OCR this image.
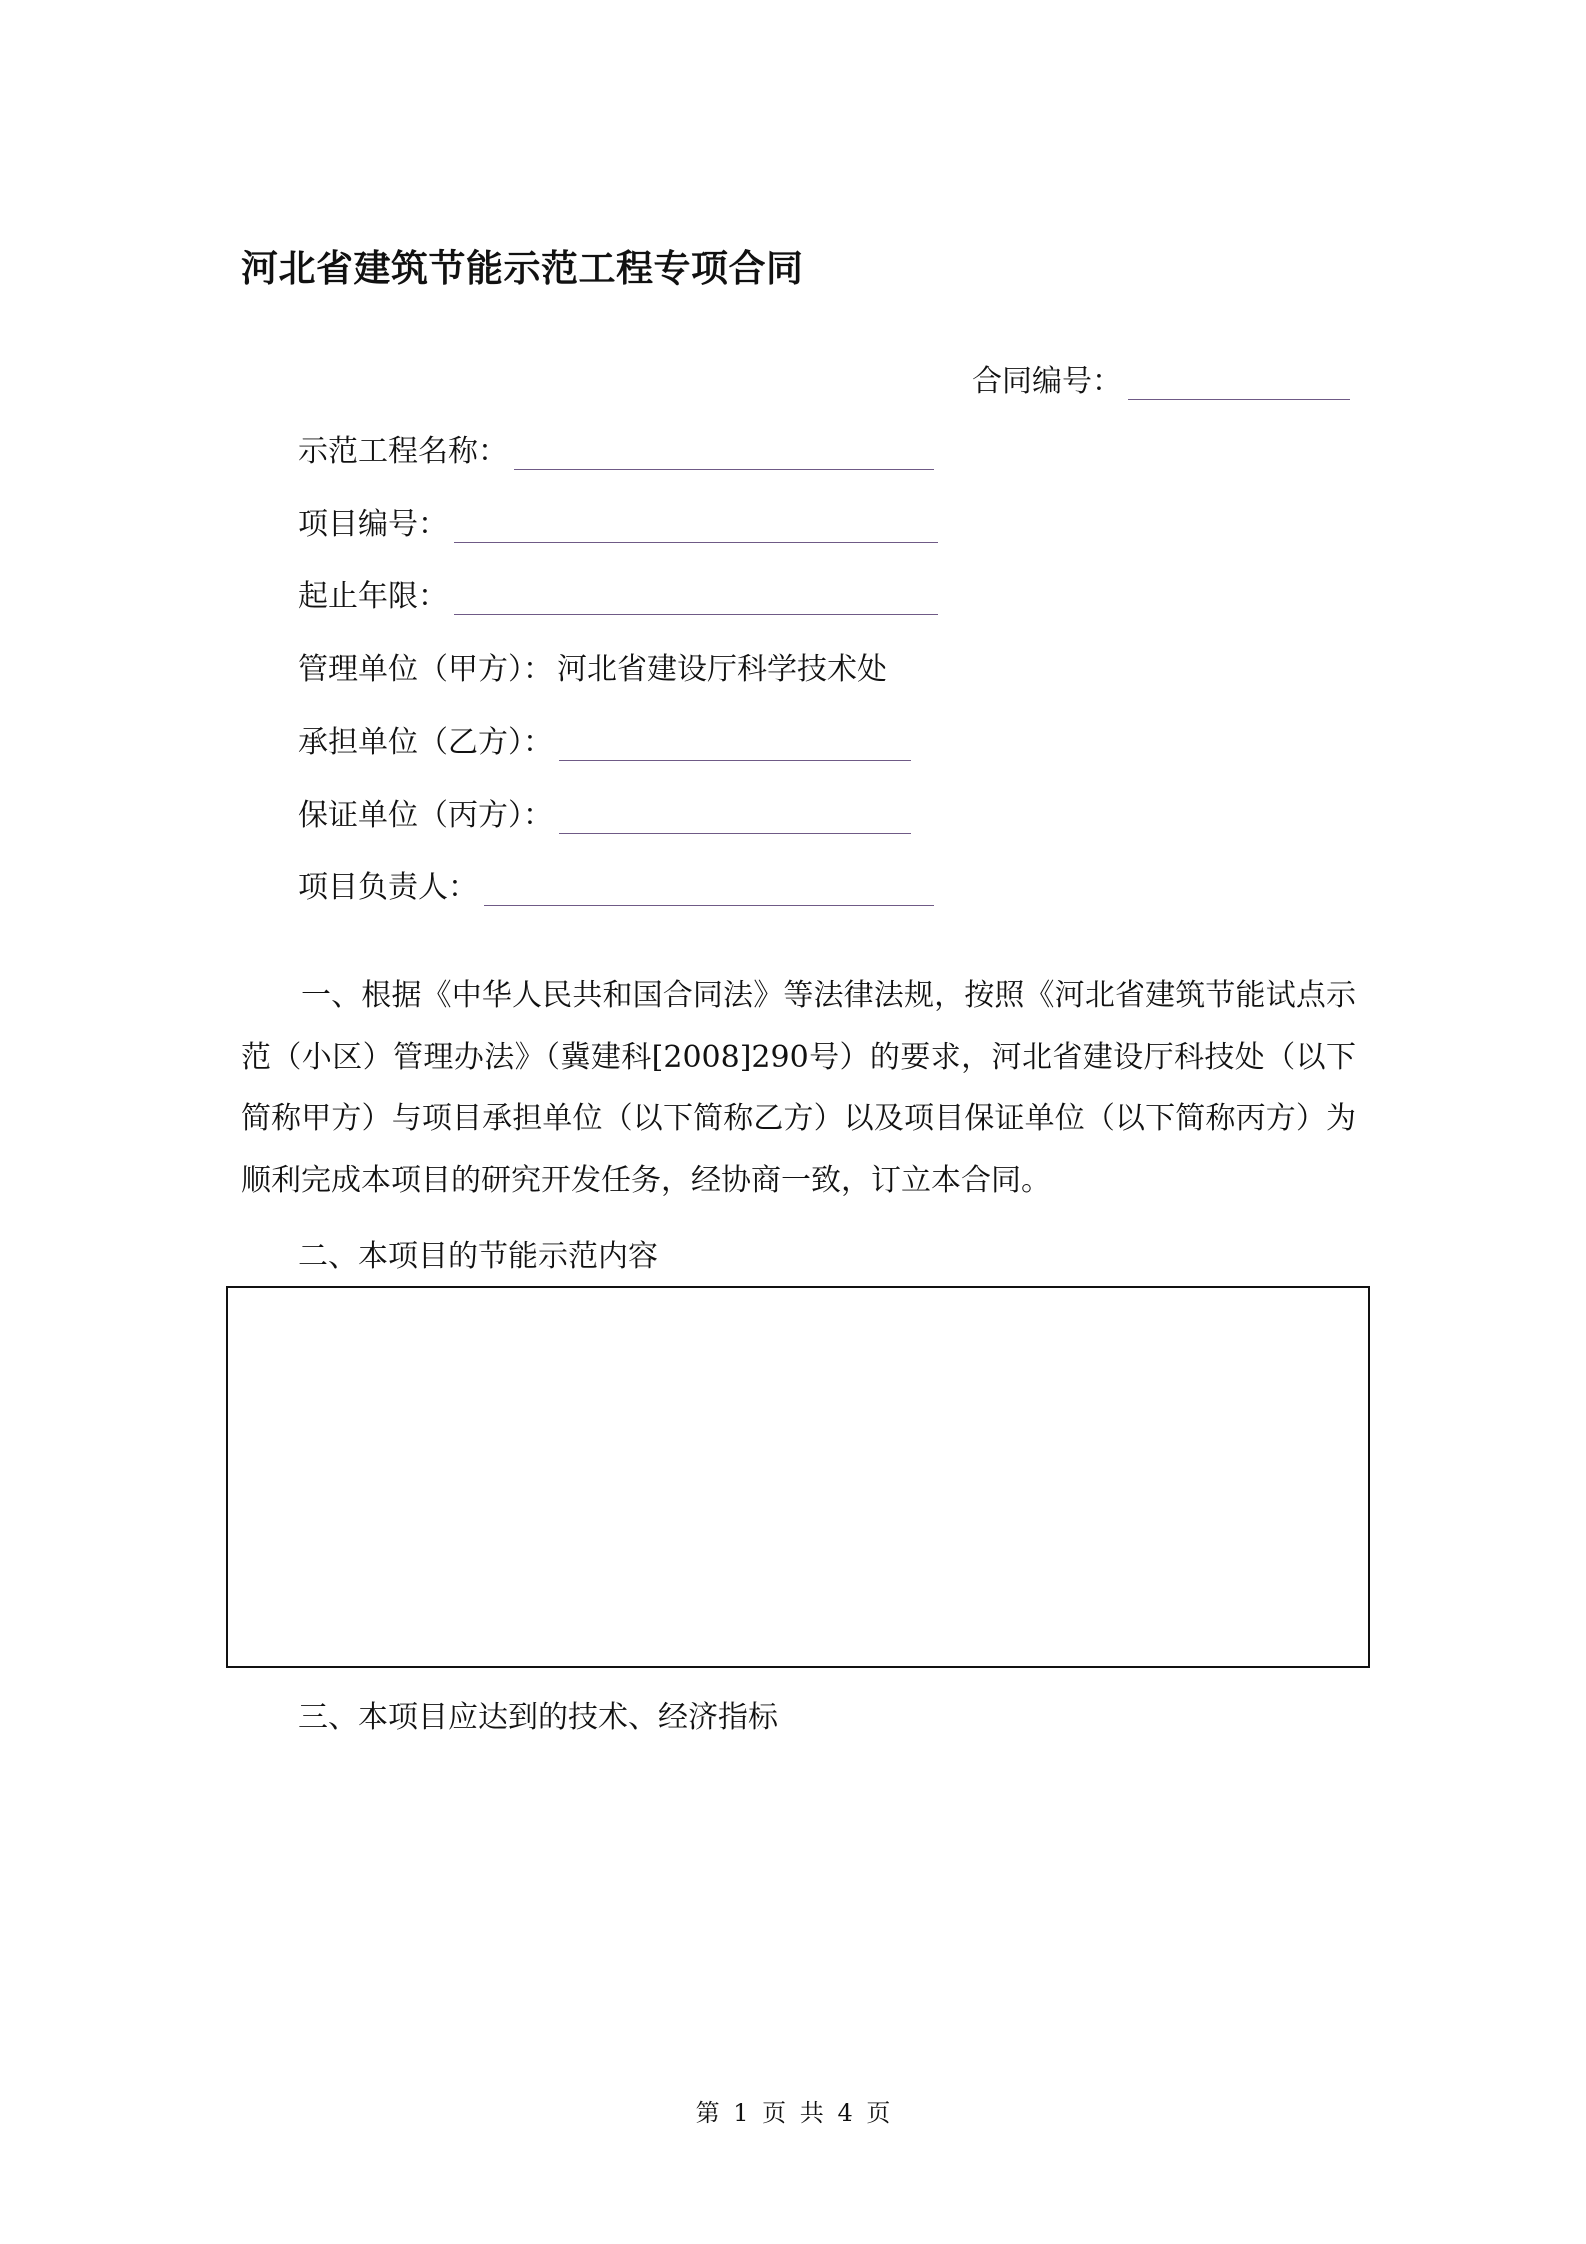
河北省建筑节能示范工程专项合同
合同编号：
示范工程名称：
项目编号：
起止年限：
管理单位（甲方）： 河北省建设厅科学技术处
承担单位（乙方）：
保证单位（丙方）：
项目负责人：
一、根据《中华人民共和国合同法》等法律法规，按照《河北省建筑节能试点示范（小区）管理办法》（冀建科[2008]290号）的要求，河北省建设厅科技处（以下简称甲方）与项目承担单位（以下简称乙方）以及项目保证单位（以下简称丙方）为顺利完成本项目的研究开发任务，经协商一致，订立本合同。
二、本项目的节能示范内容
三、本项目应达到的技术、经济指标
第 1 页 共 4 页
